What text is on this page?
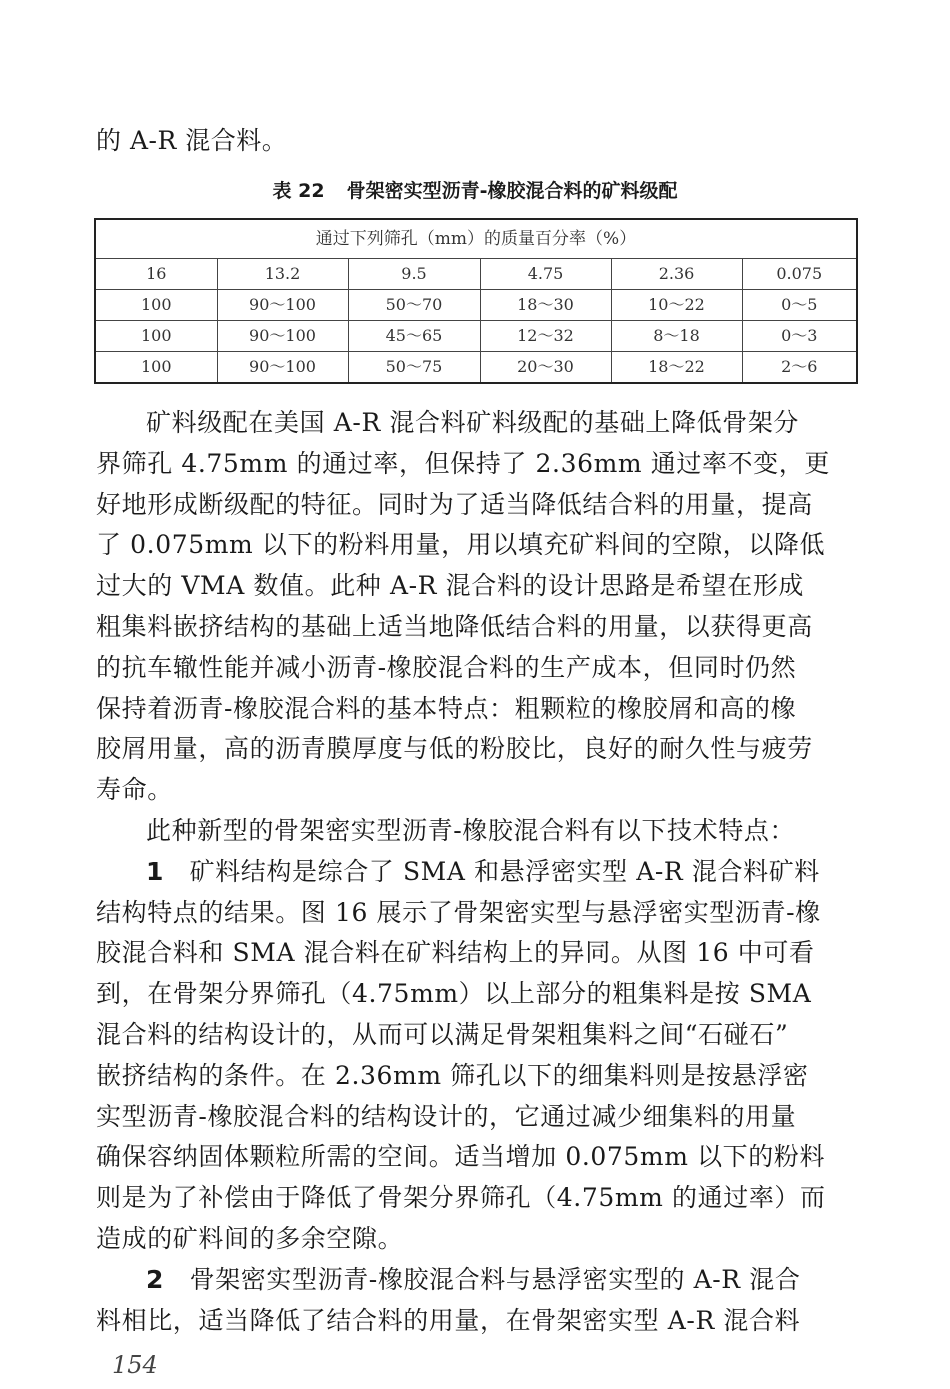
的 A-R 混合料。
表 22 骨架密实型沥青-橡胶混合料的矿料级配
通过下列筛孔（mm）的质量百分率（%）					
16	13.2	9.5	4.75	2.36	0.075
100	90～100	50～70	18～30	10～22	0～5
100	90～100	45～65	12～32	8～18	0～3
100	90～100	50～75	20～30	18～22	2～6
矿料级配在美国 A-R 混合料矿料级配的基础上降低骨架分
界筛孔 4.75mm 的通过率，但保持了 2.36mm 通过率不变，更
好地形成断级配的特征。同时为了适当降低结合料的用量，提高
了 0.075mm 以下的粉料用量，用以填充矿料间的空隙，以降低
过大的 VMA 数值。此种 A-R 混合料的设计思路是希望在形成
粗集料嵌挤结构的基础上适当地降低结合料的用量，以获得更高
的抗车辙性能并减小沥青-橡胶混合料的生产成本，但同时仍然
保持着沥青-橡胶混合料的基本特点：粗颗粒的橡胶屑和高的橡
胶屑用量，高的沥青膜厚度与低的粉胶比，良好的耐久性与疲劳
寿命。
此种新型的骨架密实型沥青-橡胶混合料有以下技术特点：
1  矿料结构是综合了 SMA 和悬浮密实型 A-R 混合料矿料
结构特点的结果。图 16 展示了骨架密实型与悬浮密实型沥青-橡
胶混合料和 SMA 混合料在矿料结构上的异同。从图 16 中可看
到，在骨架分界筛孔（4.75mm）以上部分的粗集料是按 SMA
混合料的结构设计的，从而可以满足骨架粗集料之间“石碰石”
嵌挤结构的条件。在 2.36mm 筛孔以下的细集料则是按悬浮密
实型沥青-橡胶混合料的结构设计的，它通过减少细集料的用量
确保容纳固体颗粒所需的空间。适当增加 0.075mm 以下的粉料
则是为了补偿由于降低了骨架分界筛孔（4.75mm 的通过率）而
造成的矿料间的多余空隙。
2  骨架密实型沥青-橡胶混合料与悬浮密实型的 A-R 混合
料相比，适当降低了结合料的用量，在骨架密实型 A-R 混合料
154
